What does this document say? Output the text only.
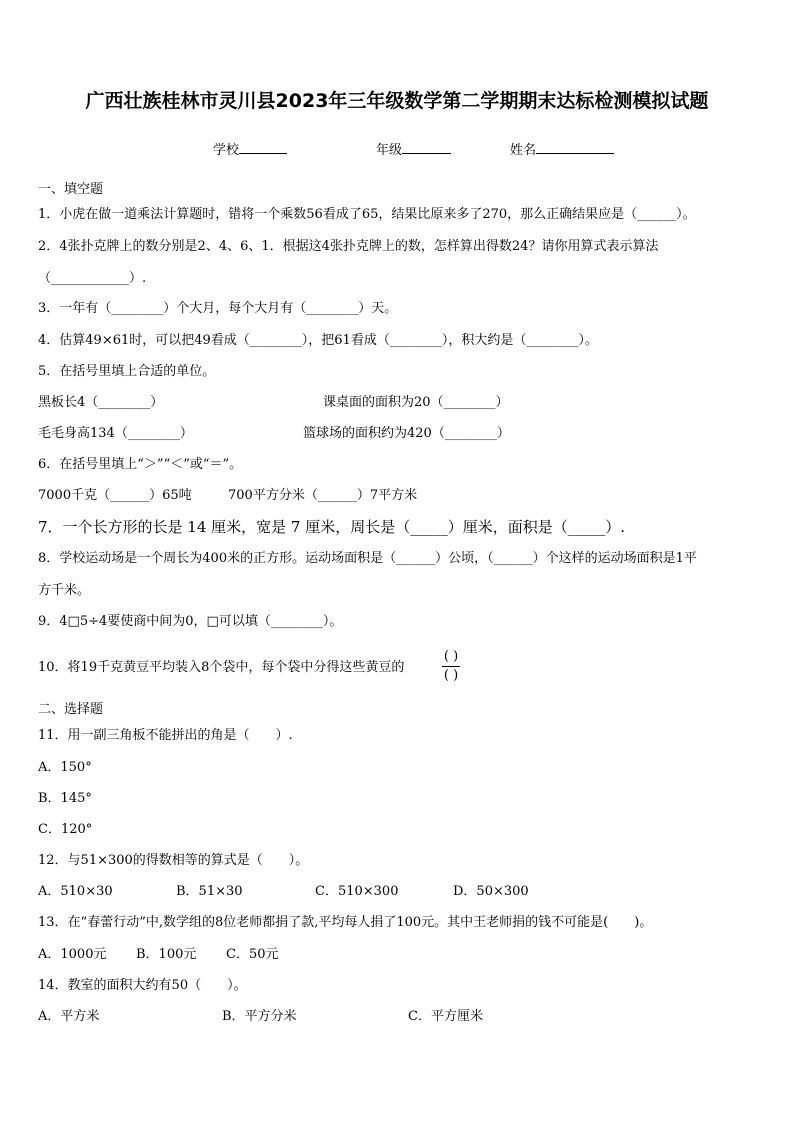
广西壮族桂林市灵川县2023年三年级数学第二学期期末达标检测模拟试题
学校	年级	姓名
一、填空题
1．小虎在做一道乘法计算题时，错将一个乘数56看成了65，结果比原来多了270，那么正确结果应是（______）。
2．4张扑克牌上的数分别是2、4、6、1．根据这4张扑克牌上的数，怎样算出得数24？请你用算式表示算法
（____________）.
3．一年有（________）个大月，每个大月有（________）天。
4．估算49×61时，可以把49看成（________），把61看成（________），积大约是（________）。
5．在括号里填上合适的单位。
黑板长4（________）	课桌面的面积为20（________）
毛毛身高134（________）	篮球场的面积约为420（________）
6．在括号里填上“＞”“＜”或“＝”。
7000千克（______）65吨	700平方分米（______）7平方米
7．一个长方形的长是 14 厘米，宽是 7 厘米，周长是（_____）厘米，面积是（_____）.
8．学校运动场是一个周长为400米的正方形。运动场面积是（______）公顷，（______）个这样的运动场面积是1平
方千米。
9．4□5÷4要使商中间为0，□可以填（________）。
10．将19千克黄豆平均装入8个袋中，每个袋中分得这些黄豆的
( )
( )
二、选择题
11．用一副三角板不能拼出的角是（　　）.
A．150°
B．145°
C．120°
12．与51×300的得数相等的算式是（　　）。
A．510×30	B．51×30	C．510×300	D．50×300
13．在“春蕾行动”中,数学组的8位老师都捐了款,平均每人捐了100元。其中王老师捐的钱不可能是(　　)。
A．1000元 B．100元 C．50元
14．教室的面积大约有50（　　）。
A．平方米	B．平方分米	C．平方厘米
